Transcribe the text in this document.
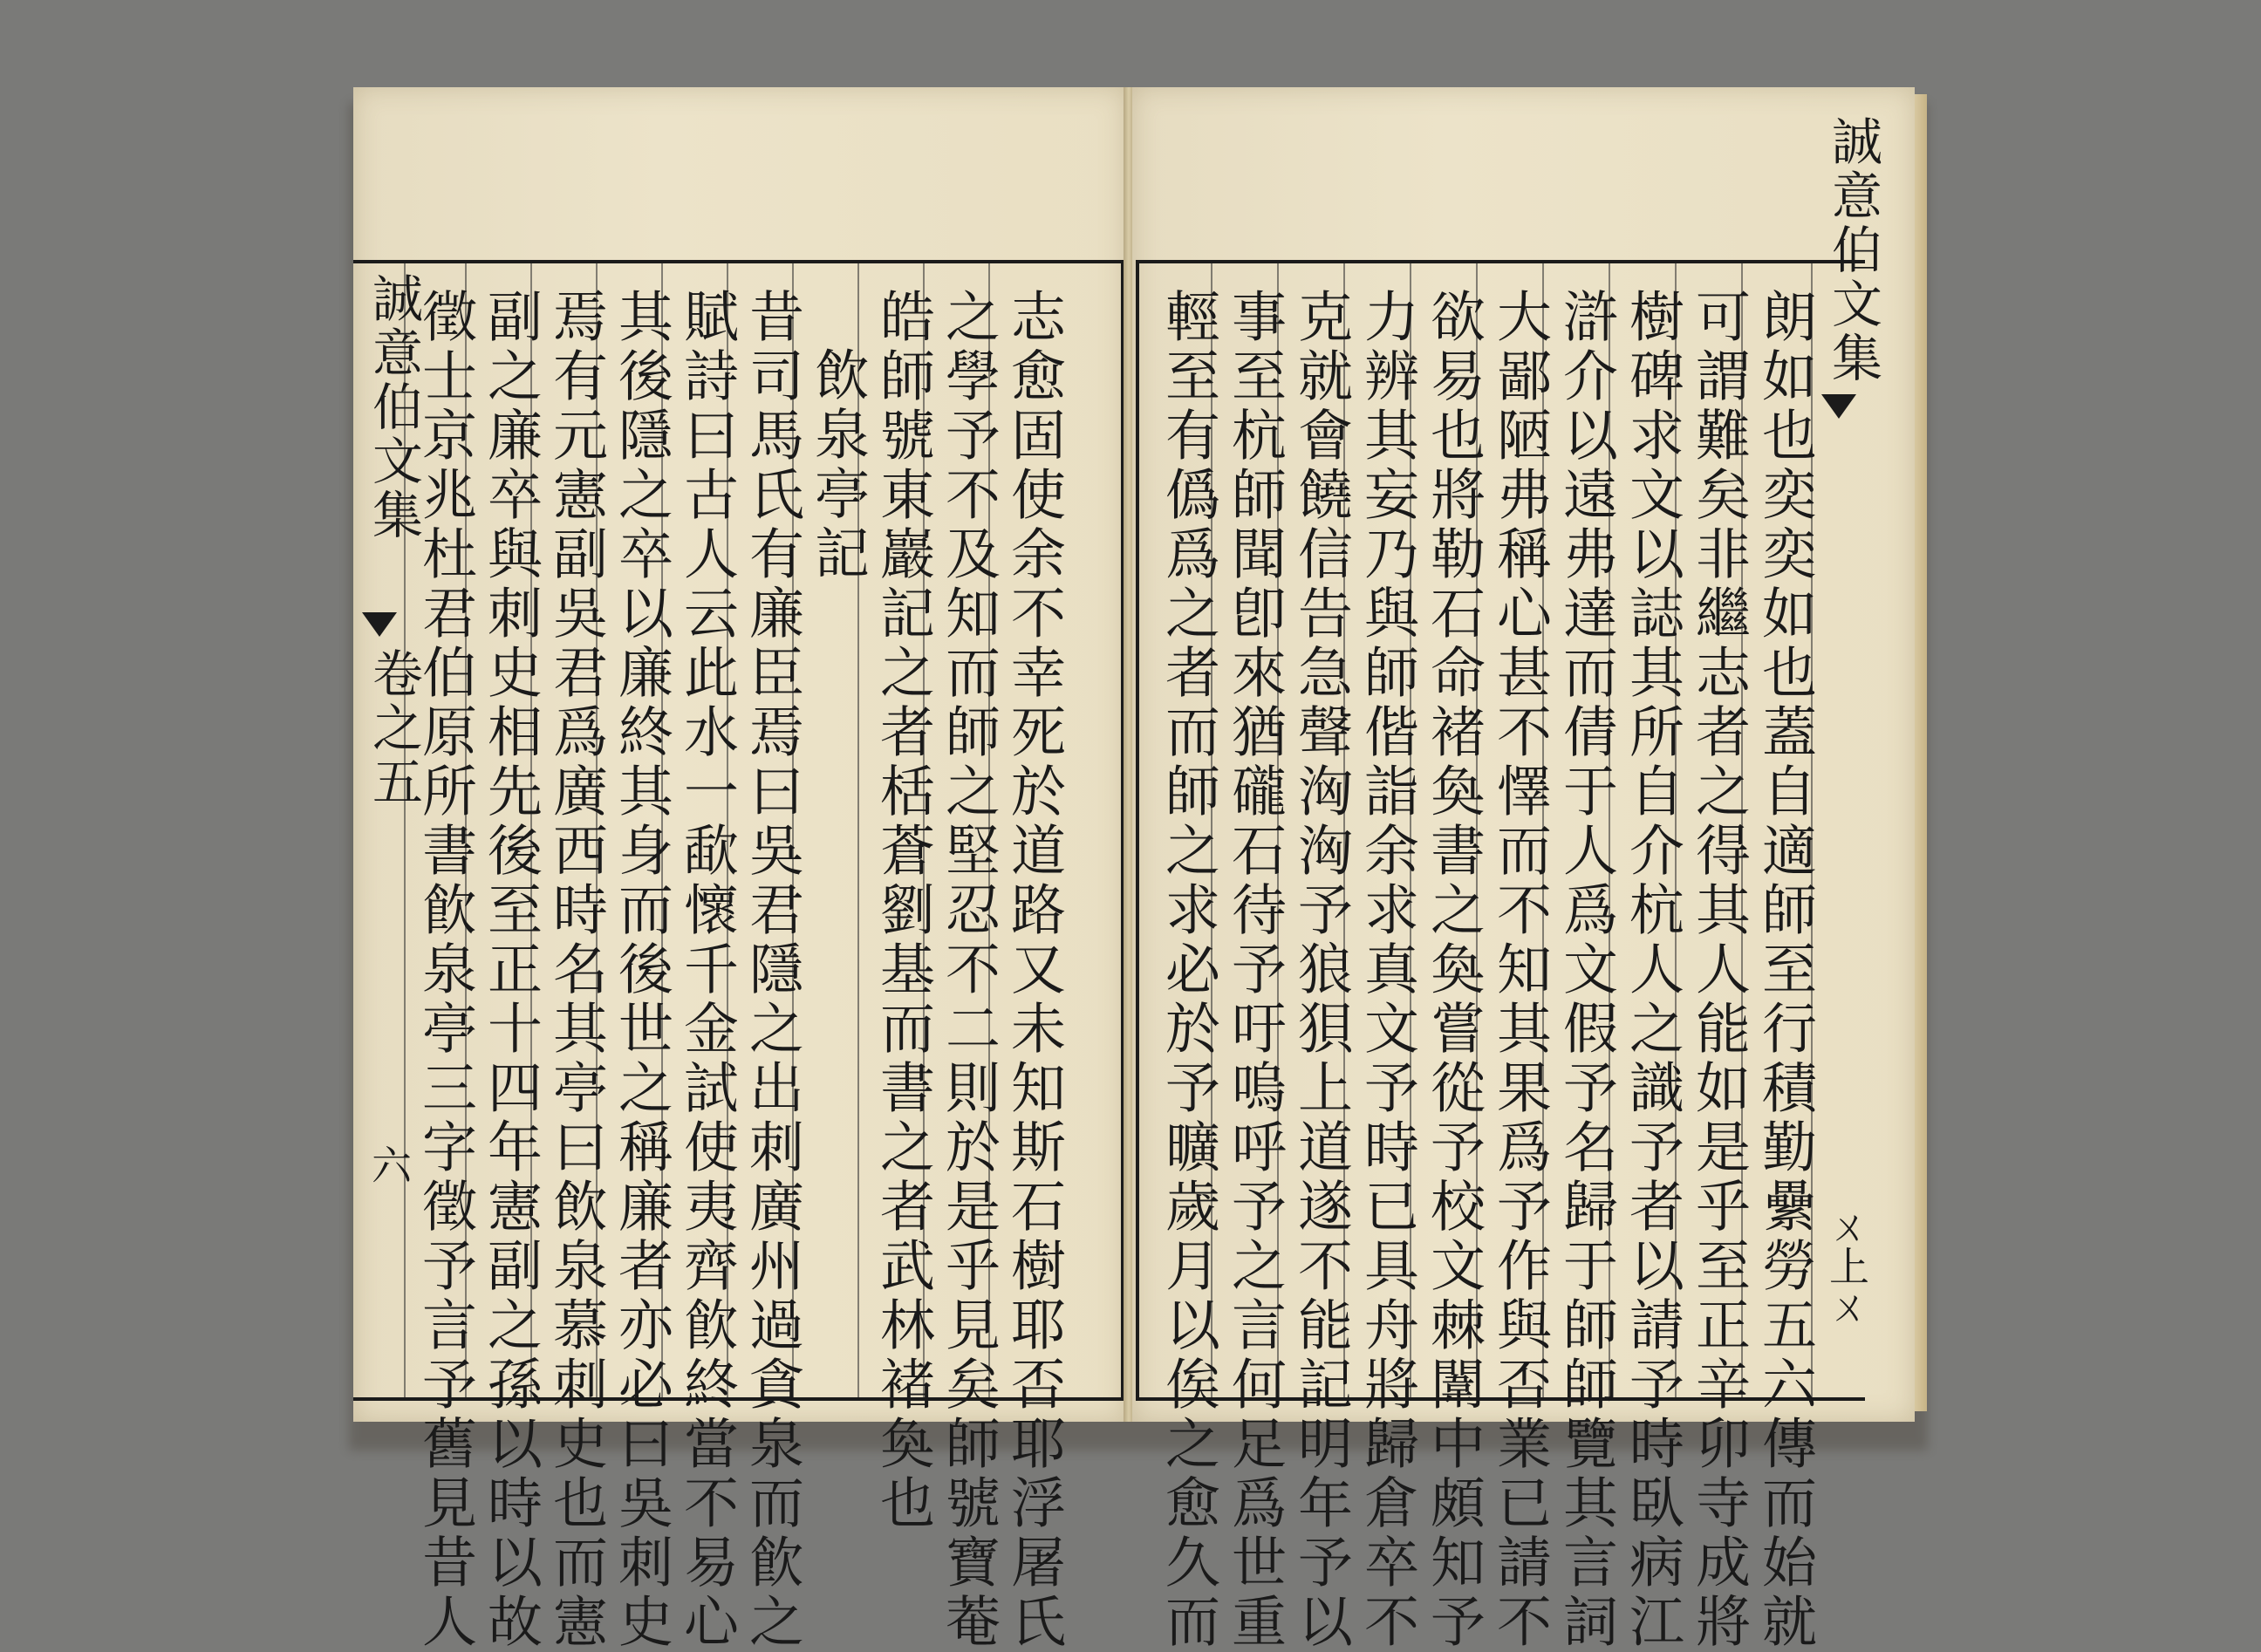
志愈固使余不幸死於道路又未知斯石樹耶否耶浮屠氏
之學予不及知而師之堅忍不二則於是乎見矣師號寶菴
皓師號東巖記之者栝蒼劉基而書之者武林褚奐也
飲泉亭記
昔司馬氏有廉臣焉曰吳君隱之出刺廣州過貪泉而飮之
賦詩曰古人云此水一歃懷千金試使夷齊飮終當不易心
其後隱之卒以廉終其身而後世之稱廉者亦必曰吳刺史
焉有元憲副吳君爲廣西時名其亭曰飲泉慕刺史也而憲
副之廉卒與刺史相先後至正十四年憲副之孫以時以故
徵士京兆杜君伯原所書飮泉亭三字徵予言予舊見昔人
誠意伯文集
卷之五
六
誠意伯文集
ㄨ上ㄨ
朗如也奕奕如也蓋自適師至行積勤纍勞五六傳而始就
可謂難矣非繼志者之得其人能如是乎至正辛卯寺成將
樹碑求文以誌其所自介杭人之識予者以請予時臥病江
滸介以遠弗達而倩于人爲文假予名歸于師師覽其言詞
大鄙陋弗稱心甚不懌而不知其果爲予作與否業已請不
欲易也將勒石命褚奐書之奐嘗從予校文棘闈中頗知予
力辨其妄乃與師偕詣余求真文予時已具舟將歸倉卒不
克就會饒信告急聲洶洶予狼狽上道遂不能記明年予以
事至杭師聞卽來猶礲石待予吁嗚呼予之言何足爲世重
輕至有僞爲之者而師之求必於予曠歲月以俟之愈久而
